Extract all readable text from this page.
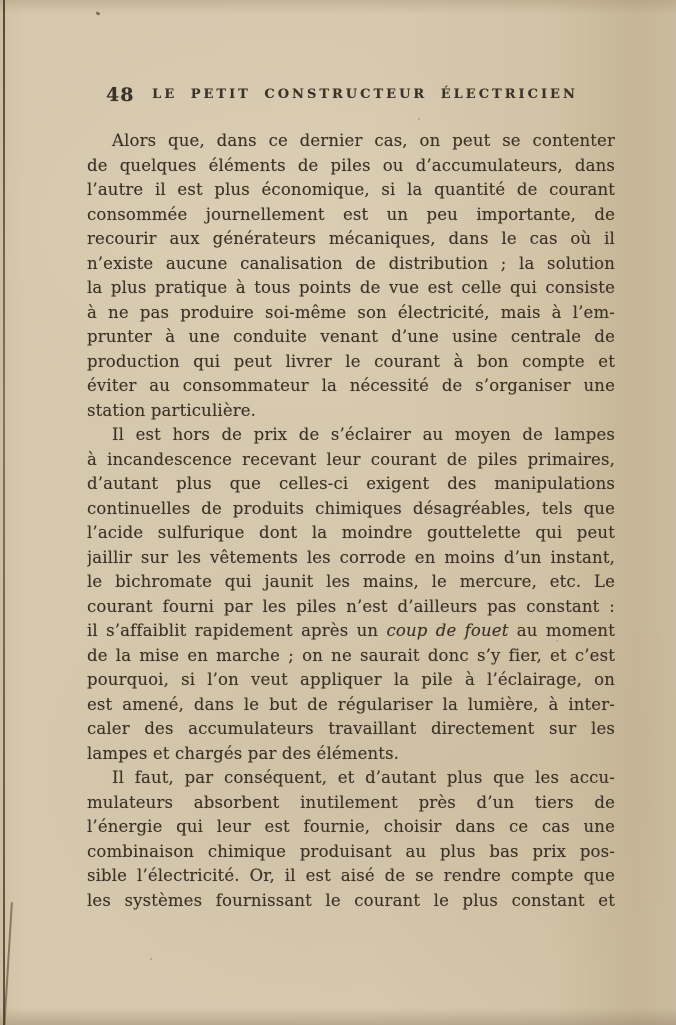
48	LE PETIT CONSTRUCTEUR ÉLECTRICIEN
Alors que, dans ce dernier cas, on peut se contenter
de quelques éléments de piles ou d’accumulateurs, dans
l’autre il est plus économique, si la quantité de courant
consommée journellement est un peu importante, de
recourir aux générateurs mécaniques, dans le cas où il
n’existe aucune canalisation de distribution ; la solution
la plus pratique à tous points de vue est celle qui consiste
à ne pas produire soi-même son électricité, mais à l’em-
prunter à une conduite venant d’une usine centrale de
production qui peut livrer le courant à bon compte et
éviter au consommateur la nécessité de s’organiser une
station particulière.
Il est hors de prix de s’éclairer au moyen de lampes
à incandescence recevant leur courant de piles primaires,
d’autant plus que celles-ci exigent des manipulations
continuelles de produits chimiques désagréables, tels que
l’acide sulfurique dont la moindre gouttelette qui peut
jaillir sur les vêtements les corrode en moins d’un instant,
le bichromate qui jaunit les mains, le mercure, etc. Le
courant fourni par les piles n’est d’ailleurs pas constant :
il s’affaiblit rapidement après un coup de fouet au moment
de la mise en marche ; on ne saurait donc s’y fier, et c’est
pourquoi, si l’on veut appliquer la pile à l’éclairage, on
est amené, dans le but de régulariser la lumière, à inter-
caler des accumulateurs travaillant directement sur les
lampes et chargés par des éléments.
Il faut, par conséquent, et d’autant plus que les accu-
mulateurs absorbent inutilement près d’un tiers de
l’énergie qui leur est fournie, choisir dans ce cas une
combinaison chimique produisant au plus bas prix pos-
sible l’électricité. Or, il est aisé de se rendre compte que
les systèmes fournissant le courant le plus constant et
